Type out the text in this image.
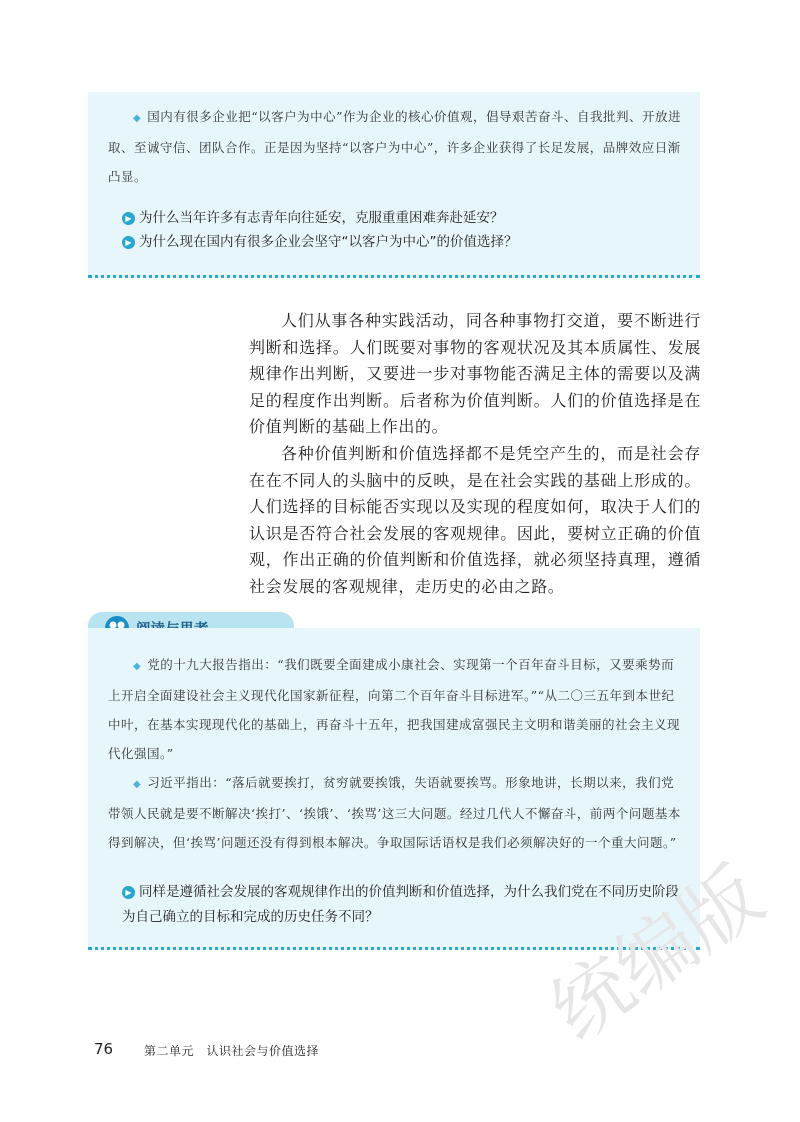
◆ 国内有很多企业把“以客户为中心”作为企业的核心价值观，倡导艰苦奋斗、自我批判、开放进取、至诚守信、团队合作。正是因为坚持“以客户为中心”，许多企业获得了长足发展，品牌效应日渐凸显。

▶ 为什么当年许多有志青年向往延安，克服重重困难奔赴延安？

▶ 为什么现在国内有很多企业会坚守“以客户为中心”的价值选择？

人们从事各种实践活动，同各种事物打交道，要不断进行判断和选择。人们既要对事物的客观状况及其本质属性、发展规律作出判断，又要进一步对事物能否满足主体的需要以及满足的程度作出判断。后者称为价值判断。人们的价值选择是在价值判断的基础上作出的。

各种价值判断和价值选择都不是凭空产生的，而是社会存在在不同人的头脑中的反映，是在社会实践的基础上形成的。人们选择的目标能否实现以及实现的程度如何，取决于人们的认识是否符合社会发展的客观规律。因此，要树立正确的价值观，作出正确的价值判断和价值选择，就必须坚持真理，遵循社会发展的客观规律，走历史的必由之路。

◆ 党的十九大报告指出：“我们既要全面建成小康社会、实现第一个百年奋斗目标，又要乘势而上开启全面建设社会主义现代化国家新征程，向第二个百年奋斗目标进军。”“从二〇三五年到本世纪中叶，在基本实现现代化的基础上，再奋斗十五年，把我国建成富强民主文明和谐美丽的社会主义现代化强国。”

◆ 习近平指出：“落后就要挨打，贫穷就要挨饿，失语就要挨骂。形象地讲，长期以来，我们党带领人民就是要不断解决‘挨打’、‘挨饿’、‘挨骂’这三大问题。经过几代人不懈奋斗，前两个问题基本得到解决，但‘挨骂’问题还没有得到根本解决。争取国际话语权是我们必须解决好的一个重大问题。”

▶ 同样是遵循社会发展的客观规律作出的价值判断和价值选择，为什么我们党在不同历史阶段为自己确立的目标和完成的历史任务不同？	统编版
76	第二单元　认识社会与价值选择
